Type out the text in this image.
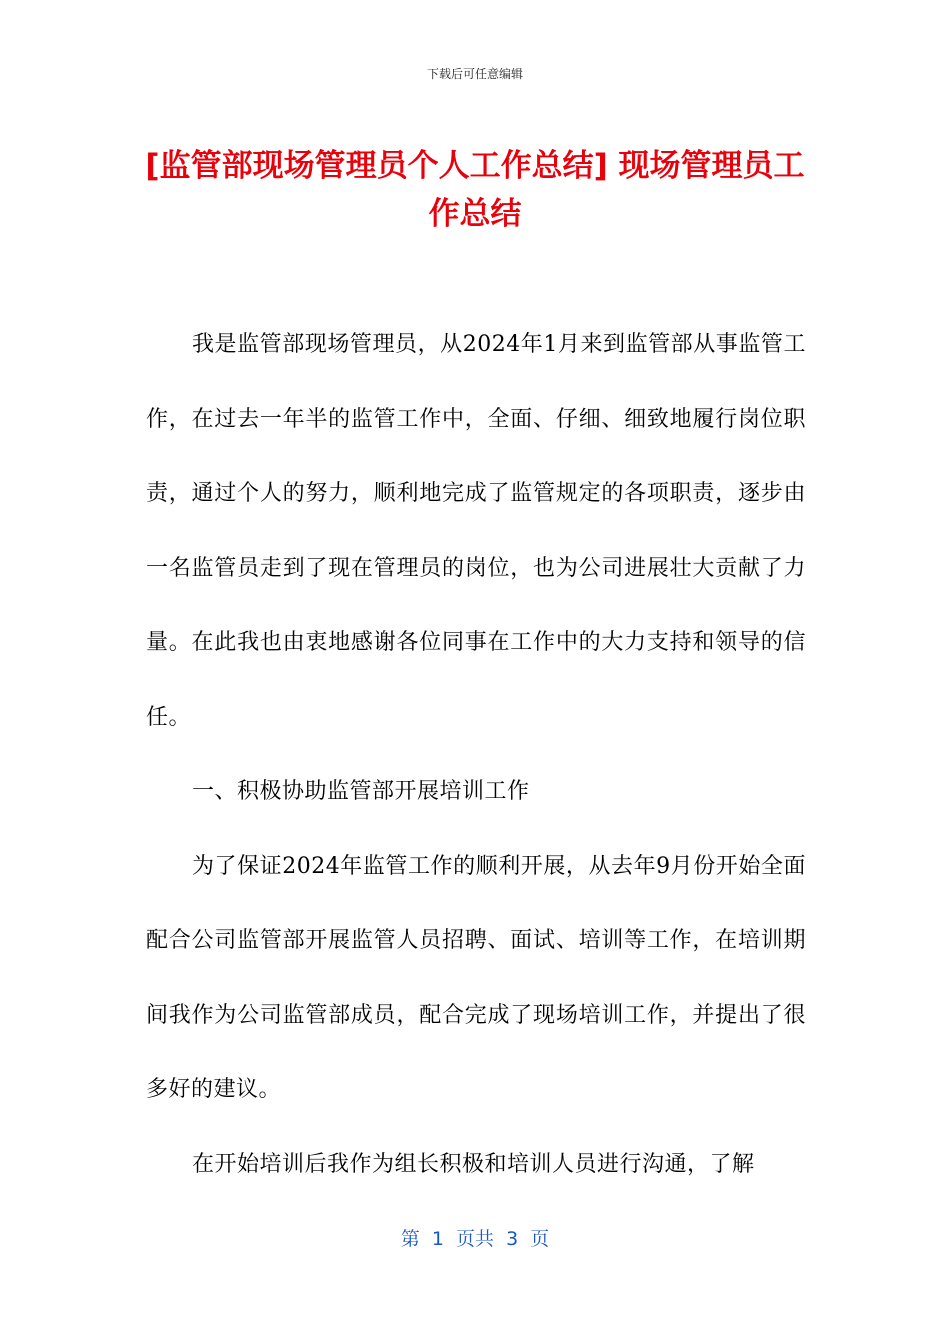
下载后可任意编辑
[监管部现场管理员个人工作总结] 现场管理员工作总结

我是监管部现场管理员，从2024年1月来到监管部从事监管工作，在过去一年半的监管工作中，全面、仔细、细致地履行岗位职责，通过个人的努力，顺利地完成了监管规定的各项职责，逐步由一名监管员走到了现在管理员的岗位，也为公司进展壮大贡献了力量。在此我也由衷地感谢各位同事在工作中的大力支持和领导的信任。

一、积极协助监管部开展培训工作

为了保证2024年监管工作的顺利开展，从去年9月份开始全面配合公司监管部开展监管人员招聘、面试、培训等工作，在培训期间我作为公司监管部成员，配合完成了现场培训工作，并提出了很多好的建议。

在开始培训后我作为组长积极和培训人员进行沟通，了解

第  1  页共  3  页
